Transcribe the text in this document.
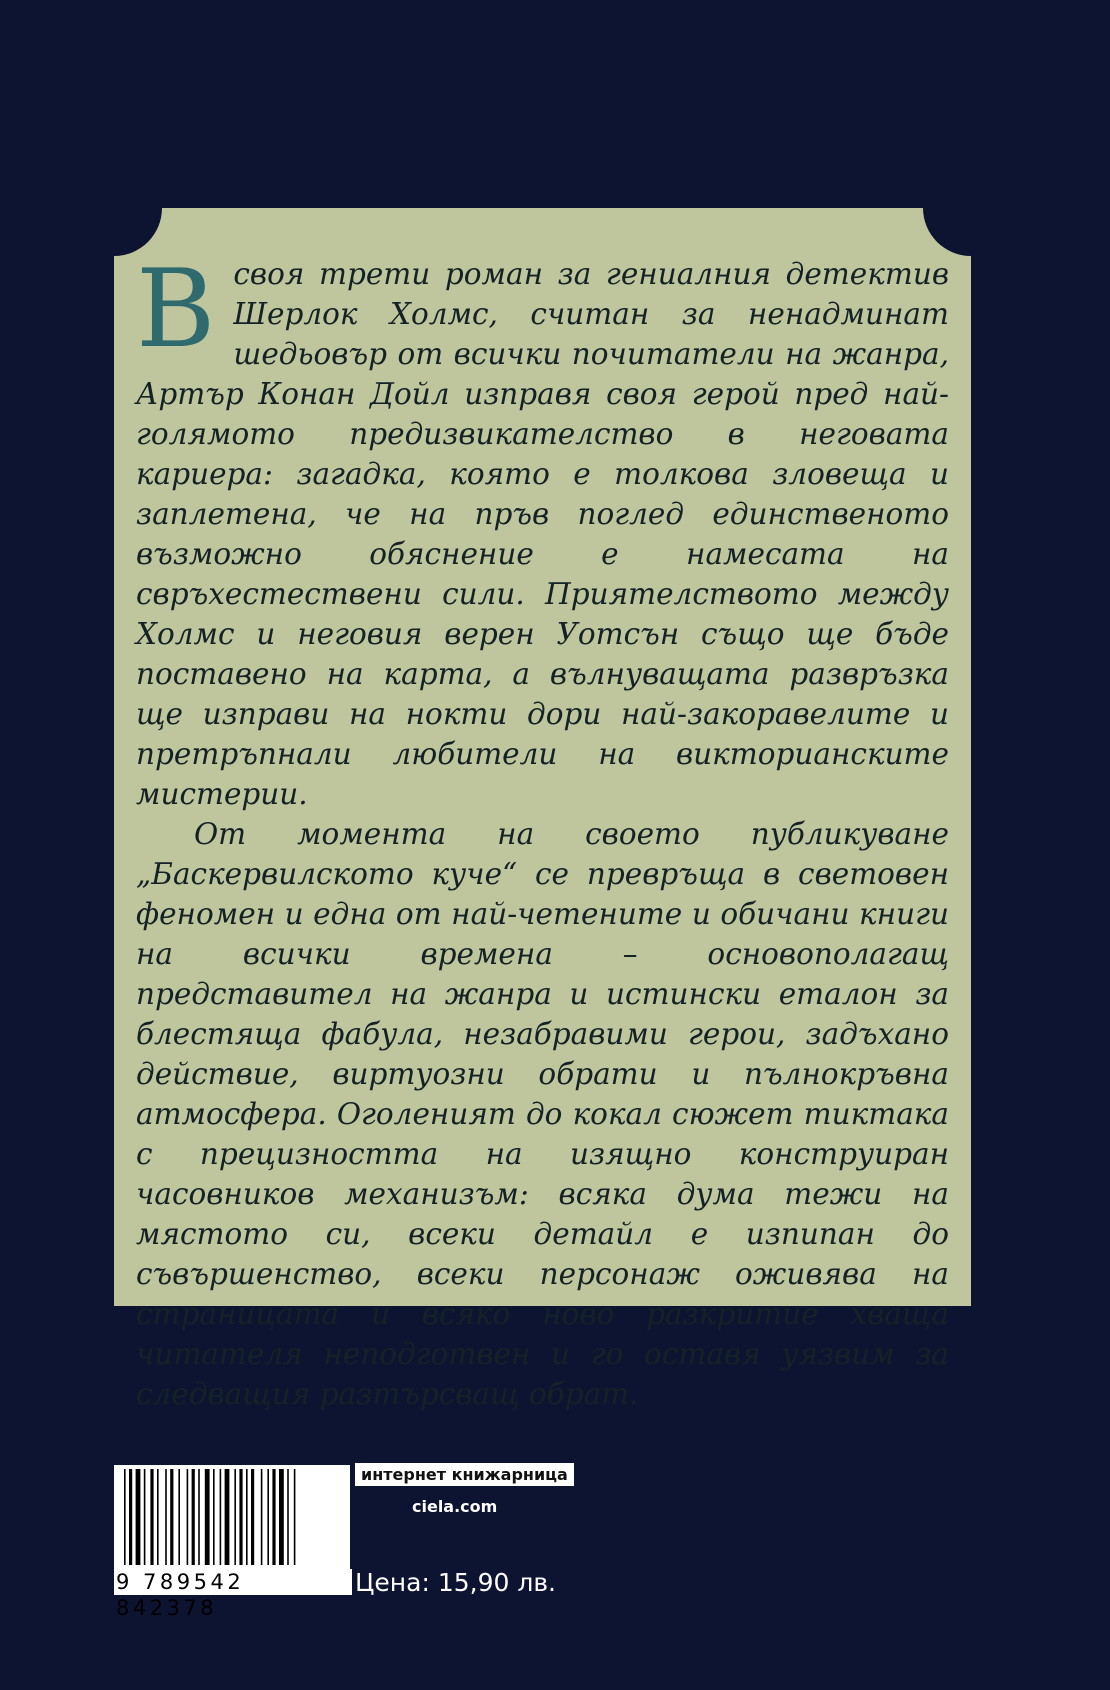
В своя трети роман за гениалния детектив Шерлок Холмс, считан за ненадминат шедьовър от всички почитатели на жанра, Артър Конан Дойл изправя своя герой пред най-голямото предизвикателство в неговата кариера: загадка, която е толкова зловеща и заплетена, че на пръв поглед единственото възможно обяснение е намесата на свръхестествени сили. Приятелството между Холмс и неговия верен Уотсън също ще бъде поставено на карта, а вълнуващата развръзка ще изправи на нокти дори най-закоравелите и претръпнали любители на викторианските мистерии.

От момента на своето публикуване „Баскервилското куче“ се превръща в световен феномен и една от най-четените и обичани книги на всички времена – основополагащ представител на жанра и истински еталон за блестяща фабула, незабравими герои, задъхано действие, виртуозни обрати и пълнокръвна атмосфера. Оголеният до кокал сюжет тиктака с прецизността на изящно конструиран часовников механизъм: всяка дума тежи на мястото си, всеки детайл е изпипан до съвършенство, всеки персонаж оживява на страницата и всяко ново разкритие хваща читателя неподготвен и го оставя уязвим за следващия разтърсващ обрат.

9 789542 842378
интернет книжарница
ciela.com
Цена: 15,90 лв.
